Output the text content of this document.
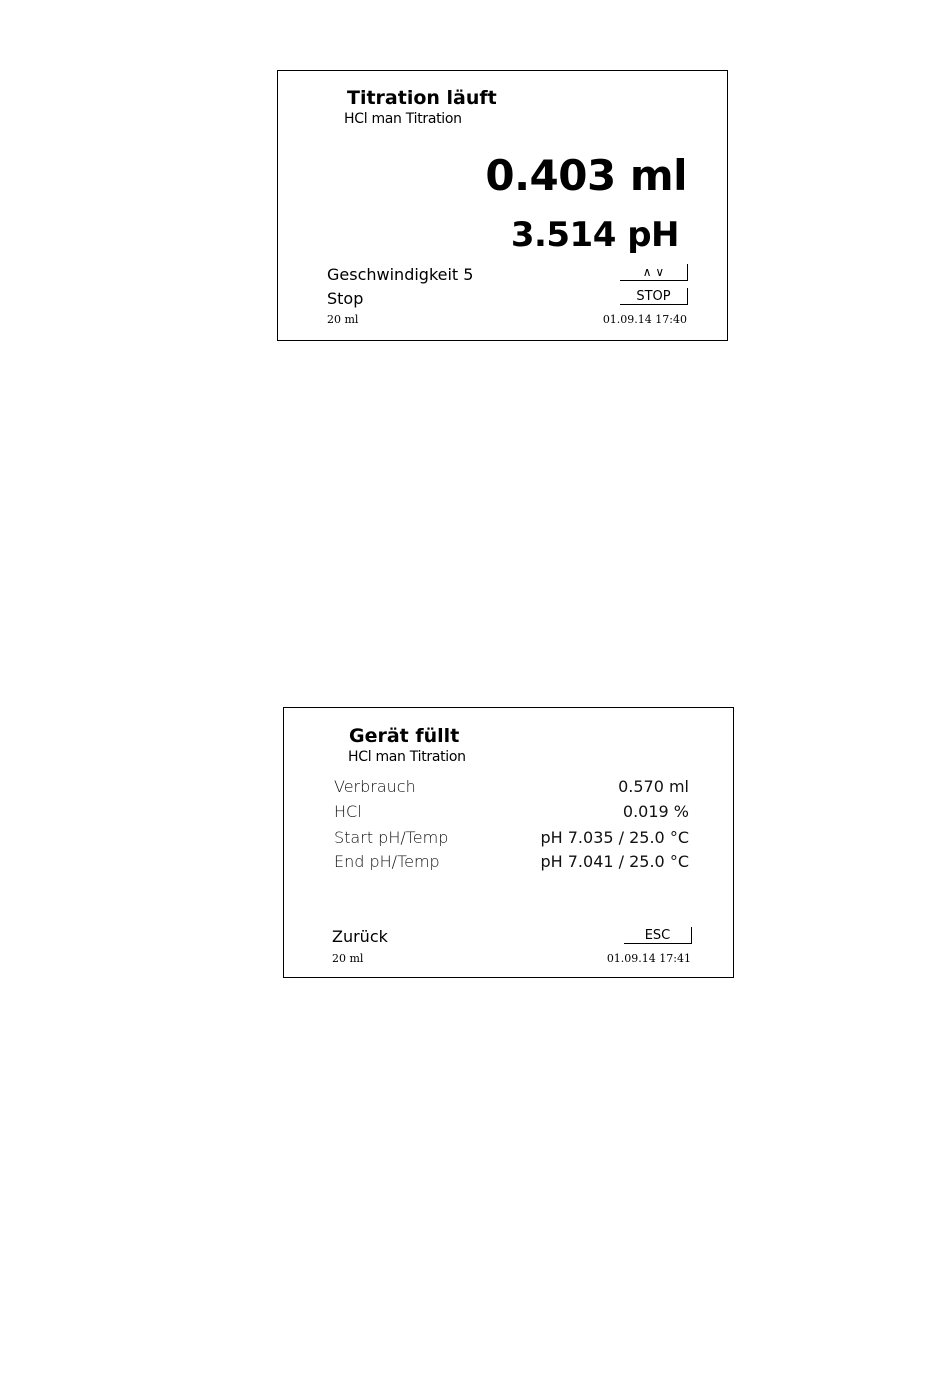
Titration läuft
HCl man Titration
0.403 ml
3.514 pH
Geschwindigkeit 5	∧ ∨
Stop	STOP
20 ml	01.09.14 17:40
Gerät füllt
HCl man Titration
Verbrauch	0.570 ml
HCl	0.019 %
Start pH/Temp	pH 7.035 / 25.0 °C
End pH/Temp	pH 7.041 / 25.0 °C
Zurück	ESC
20 ml	01.09.14 17:41
